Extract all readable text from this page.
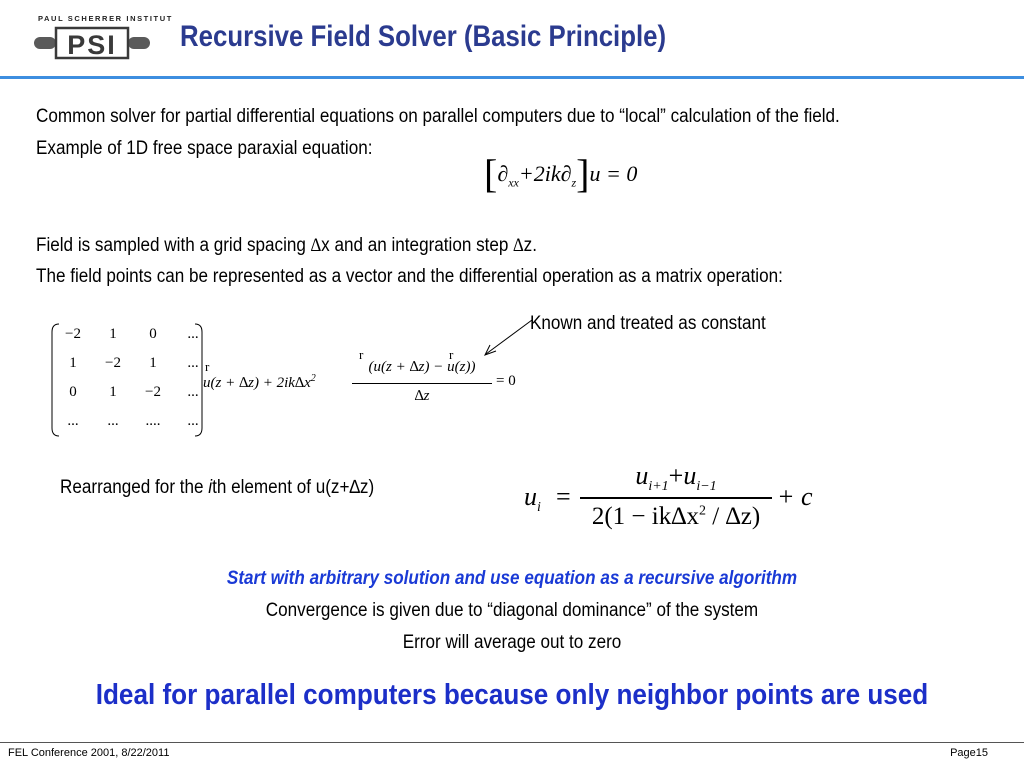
PAUL SCHERRER INSTITUT
PSI Recursive Field Solver (Basic Principle)
Common solver for partial differential equations on parallel computers due to “local” calculation of the field.
Example of 1D free space paraxial equation:
$[\partial_{xx}+2ik\partial_z]u = 0$
Field is sampled with a grid spacing ∆x and an integration step ∆z.
The field points can be represented as a vector and the differential operation as a matrix operation:
Known and treated as constant
−2	1	0	...
1	−2	1	...
0	1	−2	...
...	...	....	...
r
r	r
$u(z + \Delta z) + 2ik\Delta x^2$
(u(z + ∆z) − u(z))
∆z
= 0
Rearranged for the ith element of u(z+∆z)	$u_i$ =
$u_{i+1}+u_{i-1}$
$2(1 - ik\Delta x^2 / \Delta z)$
+ c
Start with arbitrary solution and use equation as a recursive algorithm
Convergence is given due to “diagonal dominance” of the system
Error will average out to zero
Ideal for parallel computers because only neighbor points are used
FEL Conference 2001, 8/22/2011	Page15
